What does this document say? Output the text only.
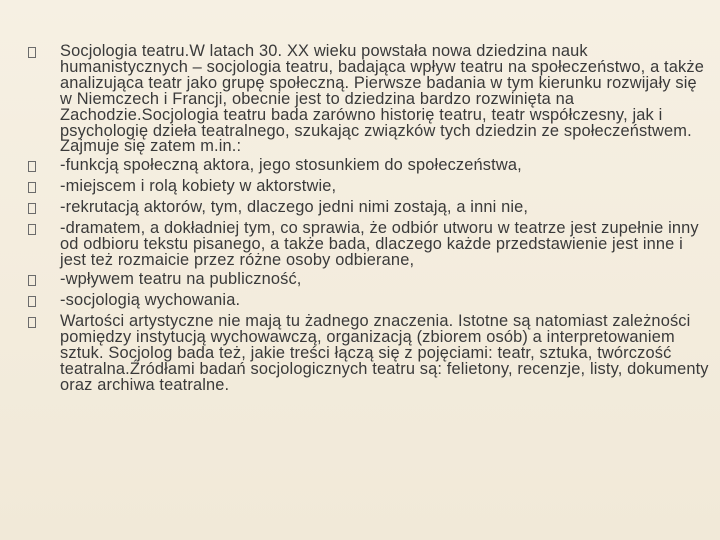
Socjologia teatru.W latach 30. XX wieku powstała nowa dziedzina nauk humanistycznych – socjologia teatru, badająca wpływ teatru na społeczeństwo, a także analizująca teatr jako grupę społeczną. Pierwsze badania w tym kierunku rozwijały się w Niemczech i Francji, obecnie jest to dziedzina bardzo rozwinięta na Zachodzie.Socjologia teatru bada zarówno historię teatru, teatr współczesny, jak i psychologię dzieła teatralnego, szukając związków tych dziedzin ze społeczeństwem. Zajmuje się zatem m.in.:
-funkcją społeczną aktora, jego stosunkiem do społeczeństwa,
-miejscem i rolą kobiety w aktorstwie,
-rekrutacją aktorów, tym, dlaczego jedni nimi zostają, a inni nie,
-dramatem, a dokładniej tym, co sprawia, że odbiór utworu w teatrze jest zupełnie inny od odbioru tekstu pisanego, a także bada, dlaczego każde przedstawienie jest inne i jest też rozmaicie przez różne osoby odbierane,
-wpływem teatru na publiczność,
-socjologią wychowania.
Wartości artystyczne nie mają tu żadnego znaczenia. Istotne są natomiast zależności pomiędzy instytucją wychowawczą, organizacją (zbiorem osób) a interpretowaniem sztuk. Socjolog bada też, jakie treści łączą się z pojęciami: teatr, sztuka, twórczość teatralna.Źródłami badań socjologicznych teatru są: felietony, recenzje, listy, dokumenty oraz archiwa teatralne.
